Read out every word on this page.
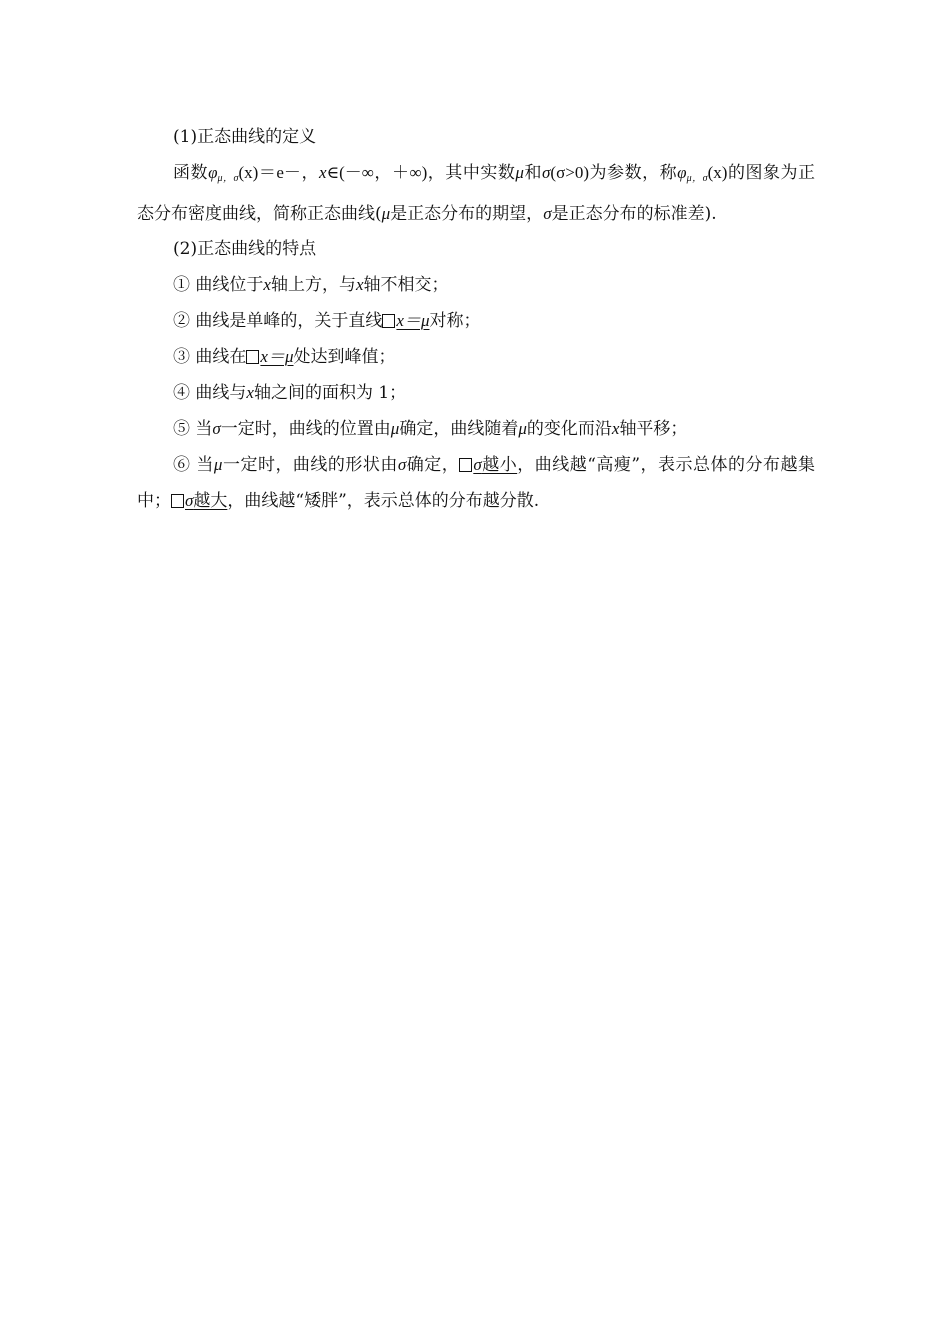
(1)正态曲线的定义

函数$\varphi_{\mu,\sigma}(x)=e-$，x∈(－∞，＋∞)，其中实数μ和σ(σ>0)为参数，称$\varphi_{\mu,\sigma}(x)$的图象为正态分布密度曲线，简称正态曲线(μ是正态分布的期望，σ是正态分布的标准差).

(2)正态曲线的特点

① 曲线位于x轴上方，与x轴不相交；

② 曲线是单峰的，关于直线 x＝μ对称；

③ 曲线在 x＝μ处达到峰值；

④ 曲线与x轴之间的面积为 1；

⑤ 当σ一定时，曲线的位置由μ确定，曲线随着μ的变化而沿x轴平移；

⑥ 当μ一定时，曲线的形状由σ确定， σ越小，曲线越“高瘦”，表示总体的分布越集中； σ越大，曲线越“矮胖”，表示总体的分布越分散.
